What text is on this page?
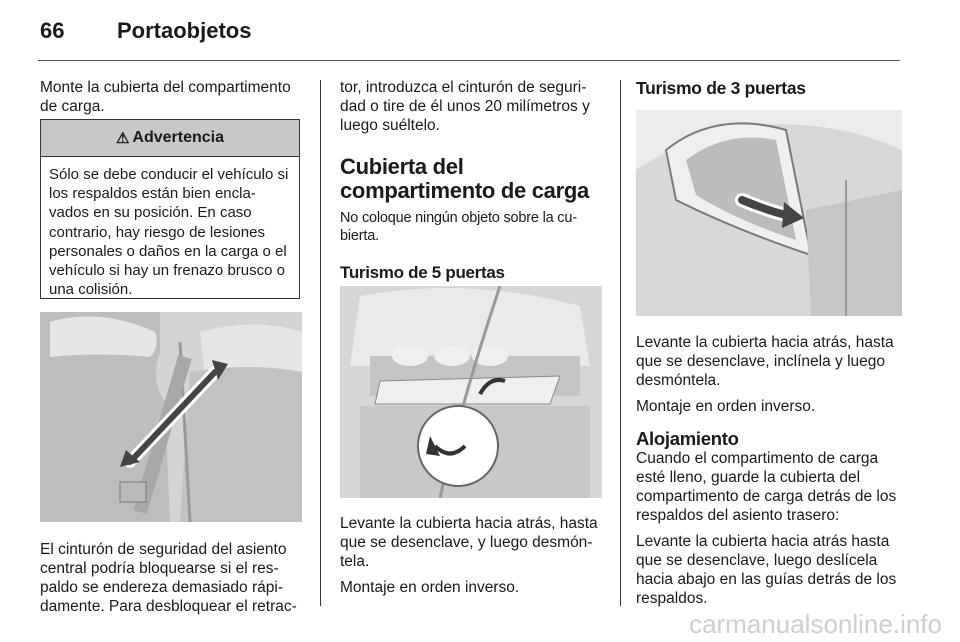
66 Portaobjetos

Monte la cubierta del compartimento de carga.

⚠ Advertencia
Sólo se debe conducir el vehículo si los respaldos están bien encla- vados en su posición. En caso contrario, hay riesgo de lesiones personales o daños en la carga o el vehículo si hay un frenazo brusco o una colisión.

El cinturón de seguridad del asiento central podría bloquearse si el res- paldo se endereza demasiado rápi- damente. Para desbloquear el retrac-

tor, introduzca el cinturón de seguri- dad o tire de él unos 20 milímetros y luego suéltelo.

Cubierta del compartimento de carga

No coloque ningún objeto sobre la cu- bierta.

Turismo de 5 puertas

Levante la cubierta hacia atrás, hasta que se desenclave, y luego desmón- tela.

Montaje en orden inverso.

Turismo de 3 puertas

Levante la cubierta hacia atrás, hasta que se desenclave, inclínela y luego desmóntela.

Montaje en orden inverso.

Alojamiento

Cuando el compartimento de carga esté lleno, guarde la cubierta del compartimento de carga detrás de los respaldos del asiento trasero:

Levante la cubierta hacia atrás hasta que se desenclave, luego deslícela hacia abajo en las guías detrás de los respaldos.

carmanualsonline.info
